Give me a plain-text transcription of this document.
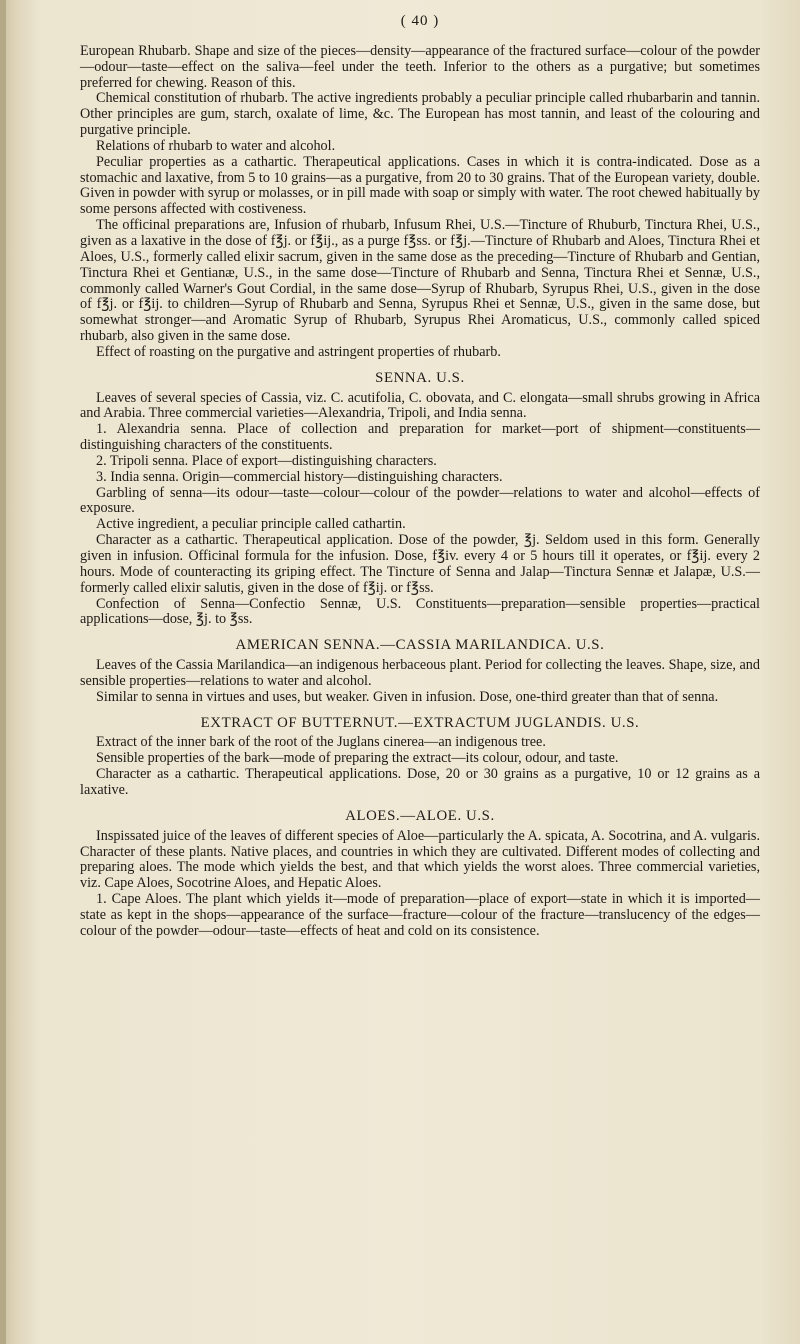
( 40 )

European Rhubarb. Shape and size of the pieces—density—appearance of the fractured surface—colour of the powder—odour—taste—effect on the saliva—feel under the teeth. Inferior to the others as a purgative; but sometimes preferred for chewing. Reason of this.

Chemical constitution of rhubarb. The active ingredients probably a peculiar principle called rhubarbarin and tannin. Other principles are gum, starch, oxalate of lime, &c. The European has most tannin, and least of the colouring and purgative principle.

Relations of rhubarb to water and alcohol.

Peculiar properties as a cathartic. Therapeutical applications. Cases in which it is contra-indicated. Dose as a stomachic and laxative, from 5 to 10 grains—as a purgative, from 20 to 30 grains. That of the European variety, double. Given in powder with syrup or molasses, or in pill made with soap or simply with water. The root chewed habitually by some persons affected with costiveness.

The officinal preparations are, Infusion of rhubarb, Infusum Rhei, U.S.—Tincture of Rhuburb, Tinctura Rhei, U.S., given as a laxative in the dose of f℥j. or f℥ij., as a purge f℥ss. or f℥j.—Tincture of Rhubarb and Aloes, Tinctura Rhei et Aloes, U.S., formerly called elixir sacrum, given in the same dose as the preceding—Tincture of Rhubarb and Gentian, Tinctura Rhei et Gentianæ, U.S., in the same dose—Tincture of Rhubarb and Senna, Tinctura Rhei et Sennæ, U.S., commonly called Warner's Gout Cordial, in the same dose—Syrup of Rhubarb, Syrupus Rhei, U.S., given in the dose of f℥j. or f℥ij. to children—Syrup of Rhubarb and Senna, Syrupus Rhei et Sennæ, U.S., given in the same dose, but somewhat stronger—and Aromatic Syrup of Rhubarb, Syrupus Rhei Aromaticus, U.S., commonly called spiced rhubarb, also given in the same dose.

Effect of roasting on the purgative and astringent properties of rhubarb.

SENNA. U.S.

Leaves of several species of Cassia, viz. C. acutifolia, C. obovata, and C. elongata—small shrubs growing in Africa and Arabia. Three commercial varieties—Alexandria, Tripoli, and India senna.

1. Alexandria senna. Place of collection and preparation for market—port of shipment—constituents—distinguishing characters of the constituents.

2. Tripoli senna. Place of export—distinguishing characters.

3. India senna. Origin—commercial history—distinguishing characters.

Garbling of senna—its odour—taste—colour—colour of the powder—relations to water and alcohol—effects of exposure.

Active ingredient, a peculiar principle called cathartin.

Character as a cathartic. Therapeutical application. Dose of the powder, ℥j. Seldom used in this form. Generally given in infusion. Officinal formula for the infusion. Dose, f℥iv. every 4 or 5 hours till it operates, or f℥ij. every 2 hours. Mode of counteracting its griping effect. The Tincture of Senna and Jalap—Tinctura Sennæ et Jalapæ, U.S.—formerly called elixir salutis, given in the dose of f℥ij. or f℥ss.

Confection of Senna—Confectio Sennæ, U.S. Constituents—preparation—sensible properties—practical applications—dose, ℥j. to ℥ss.

AMERICAN SENNA.—CASSIA MARILANDICA. U.S.

Leaves of the Cassia Marilandica—an indigenous herbaceous plant. Period for collecting the leaves. Shape, size, and sensible properties—relations to water and alcohol.

Similar to senna in virtues and uses, but weaker. Given in infusion. Dose, one-third greater than that of senna.

EXTRACT OF BUTTERNUT.—EXTRACTUM JUGLANDIS. U.S.

Extract of the inner bark of the root of the Juglans cinerea—an indigenous tree.

Sensible properties of the bark—mode of preparing the extract—its colour, odour, and taste.

Character as a cathartic. Therapeutical applications. Dose, 20 or 30 grains as a purgative, 10 or 12 grains as a laxative.

ALOES.—ALOE. U.S.

Inspissated juice of the leaves of different species of Aloe—particularly the A. spicata, A. Socotrina, and A. vulgaris. Character of these plants. Native places, and countries in which they are cultivated. Different modes of collecting and preparing aloes. The mode which yields the best, and that which yields the worst aloes. Three commercial varieties, viz. Cape Aloes, Socotrine Aloes, and Hepatic Aloes.

1. Cape Aloes. The plant which yields it—mode of preparation—place of export—state in which it is imported—state as kept in the shops—appearance of the surface—fracture—colour of the fracture—translucency of the edges—colour of the powder—odour—taste—effects of heat and cold on its consistence.
